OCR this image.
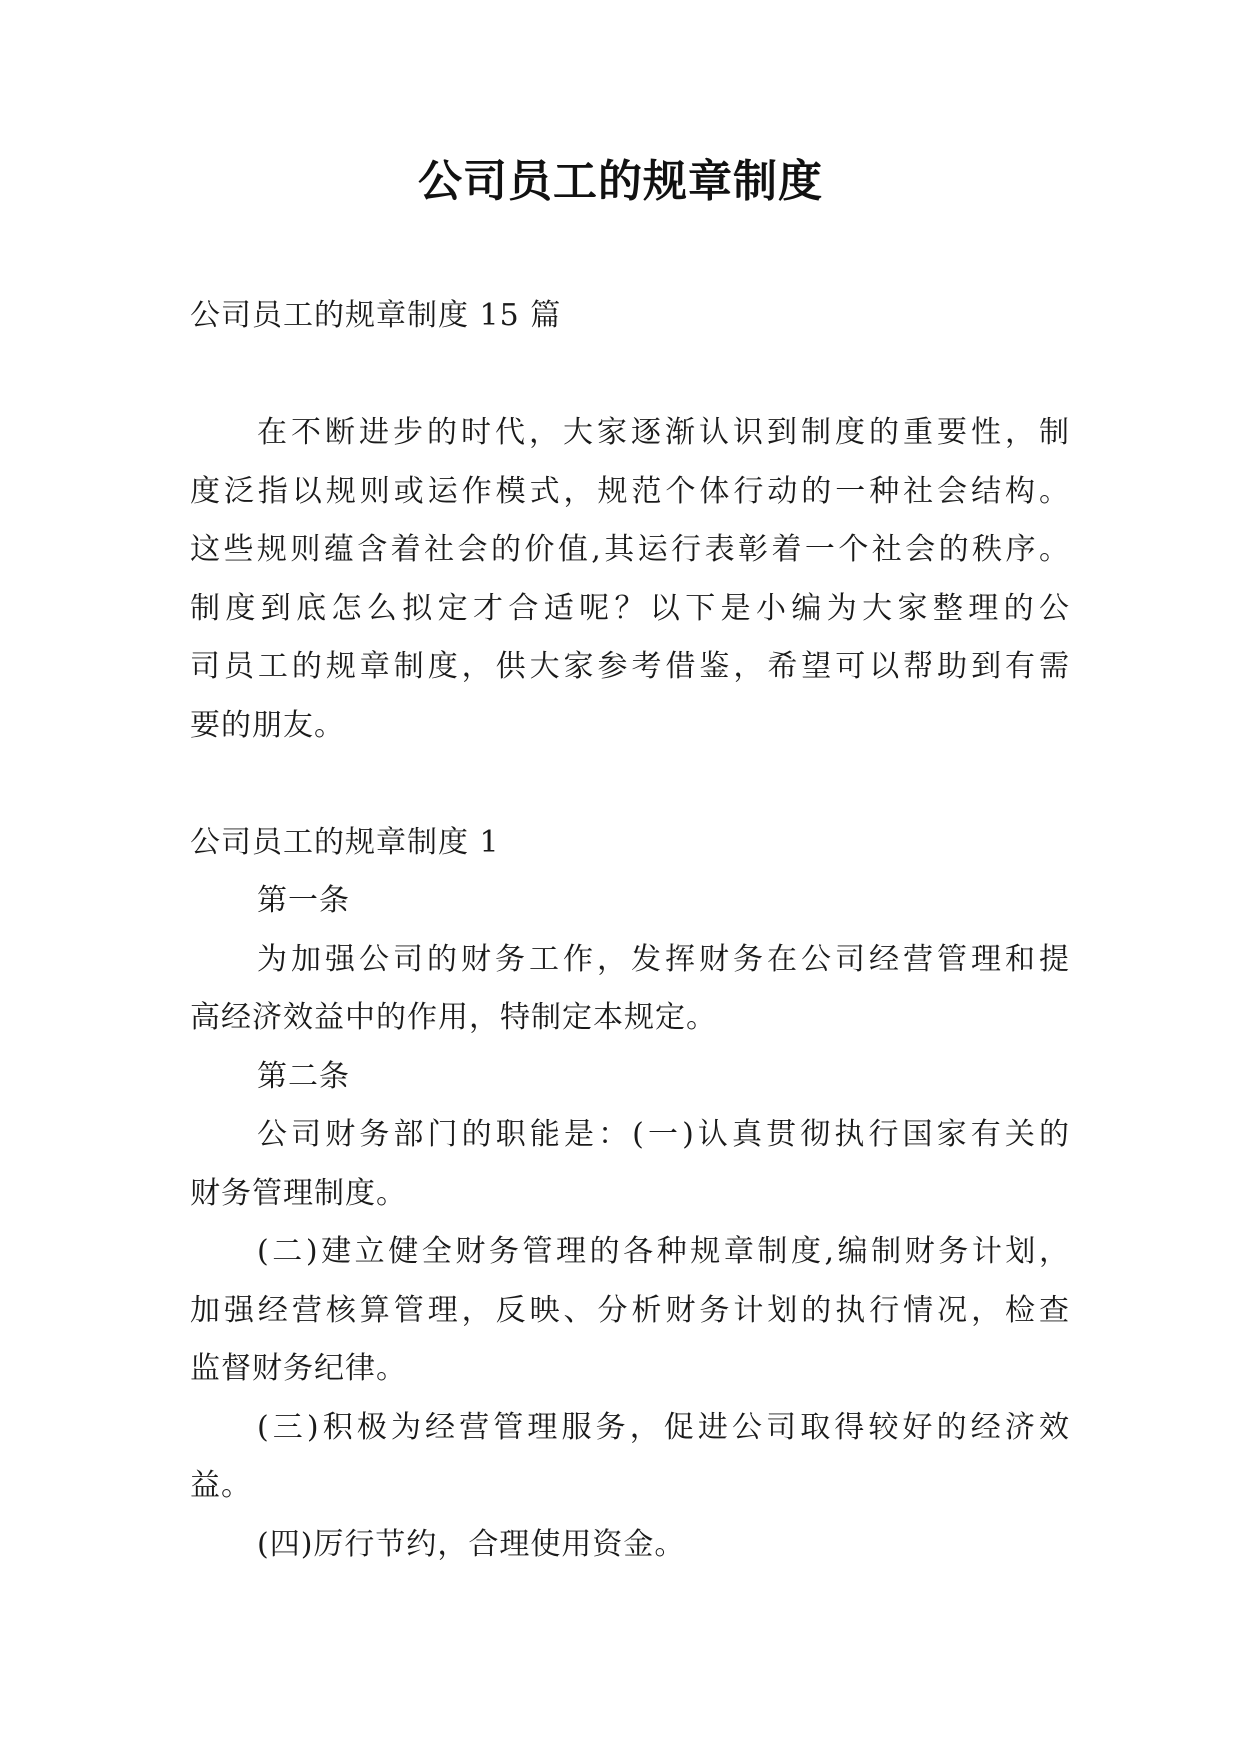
公司员工的规章制度
公司员工的规章制度 15 篇
在不断进步的时代，大家逐渐认识到制度的重要性，制
度泛指以规则或运作模式，规范个体行动的一种社会结构。
这些规则蕴含着社会的价值,其运行表彰着一个社会的秩序。
制度到底怎么拟定才合适呢？以下是小编为大家整理的公
司员工的规章制度，供大家参考借鉴，希望可以帮助到有需
要的朋友。
公司员工的规章制度 1
第一条
为加强公司的财务工作，发挥财务在公司经营管理和提
高经济效益中的作用，特制定本规定。
第二条
公司财务部门的职能是：(一)认真贯彻执行国家有关的
财务管理制度。
(二)建立健全财务管理的各种规章制度,编制财务计划，
加强经营核算管理，反映、分析财务计划的执行情况，检查
监督财务纪律。
(三)积极为经营管理服务，促进公司取得较好的经济效
益。
(四)厉行节约，合理使用资金。
